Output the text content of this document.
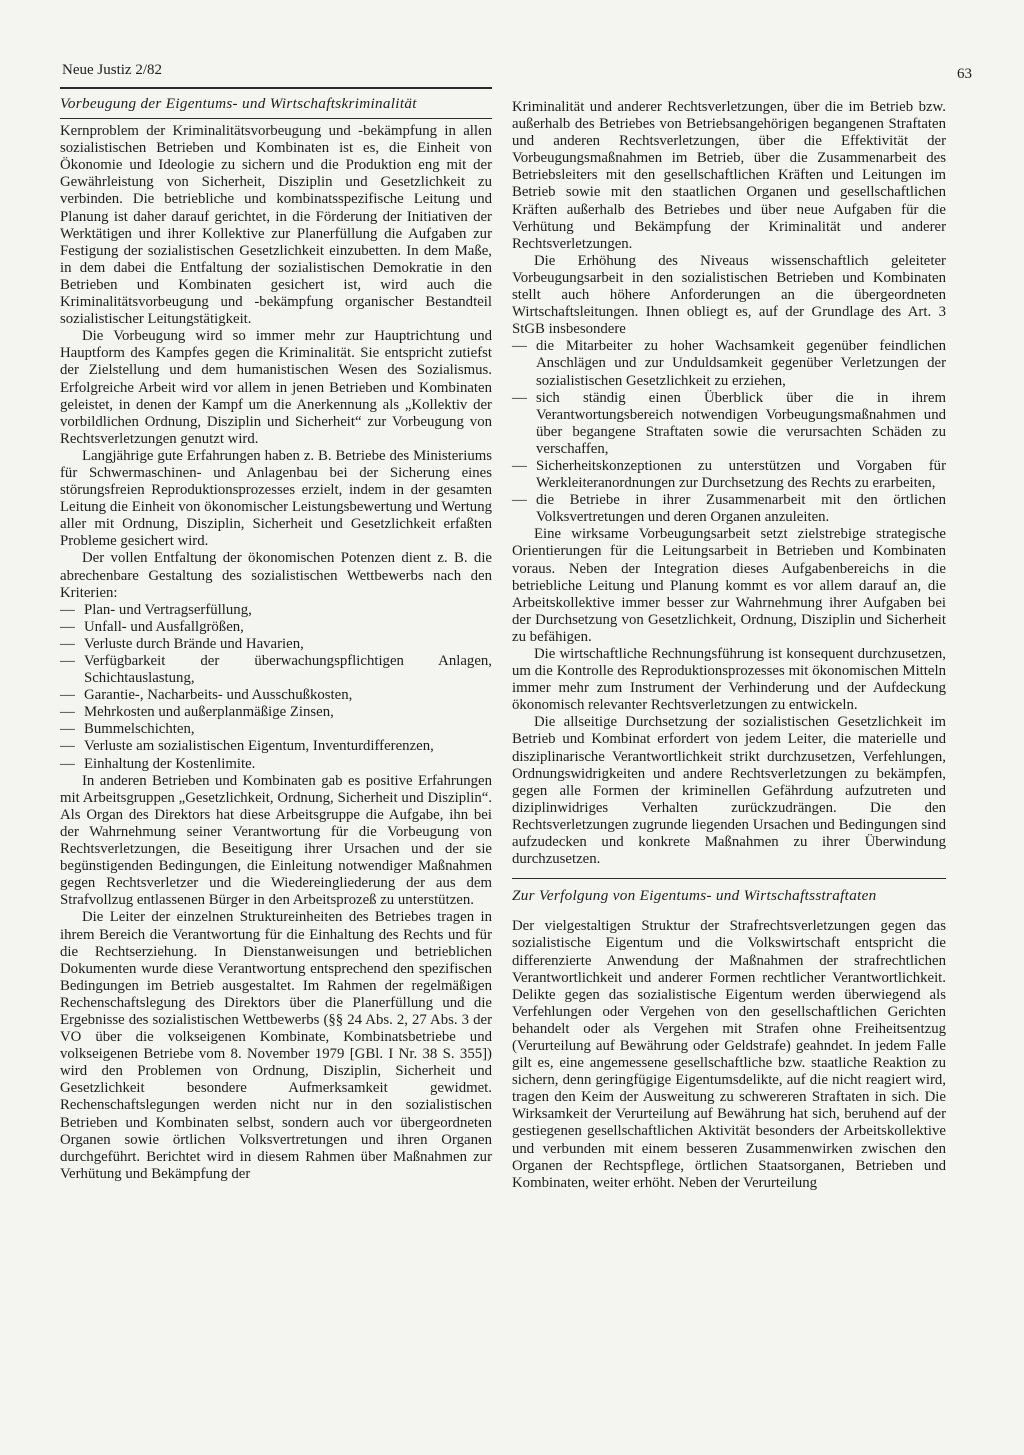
Neue Justiz 2/82	63
Vorbeugung der Eigentums- und Wirtschaftskriminalität

Kernproblem der Kriminalitätsvorbeugung und -bekämpfung in allen sozialistischen Betrieben und Kombinaten ist es, die Einheit von Ökonomie und Ideologie zu sichern und die Produktion eng mit der Gewährleistung von Sicherheit, Disziplin und Gesetzlichkeit zu verbinden. Die betriebliche und kombinatsspezifische Leitung und Planung ist daher darauf gerichtet, in die Förderung der Initiativen der Werktätigen und ihrer Kollektive zur Planerfüllung die Aufgaben zur Festigung der sozialistischen Gesetzlichkeit einzubetten. In dem Maße, in dem dabei die Entfaltung der sozialistischen Demokratie in den Betrieben und Kombinaten gesichert ist, wird auch die Kriminalitätsvorbeugung und -bekämpfung organischer Bestandteil sozialistischer Leitungstätigkeit.

Die Vorbeugung wird so immer mehr zur Hauptrichtung und Hauptform des Kampfes gegen die Kriminalität. Sie entspricht zutiefst der Zielstellung und dem humanistischen Wesen des Sozialismus. Erfolgreiche Arbeit wird vor allem in jenen Betrieben und Kombinaten geleistet, in denen der Kampf um die Anerkennung als „Kollektiv der vorbildlichen Ordnung, Disziplin und Sicherheit“ zur Vorbeugung von Rechtsverletzungen genutzt wird.

Langjährige gute Erfahrungen haben z. B. Betriebe des Ministeriums für Schwermaschinen- und Anlagenbau bei der Sicherung eines störungsfreien Reproduktionsprozesses erzielt, indem in der gesamten Leitung die Einheit von ökonomischer Leistungsbewertung und Wertung aller mit Ordnung, Disziplin, Sicherheit und Gesetzlichkeit erfaßten Probleme gesichert wird.

Der vollen Entfaltung der ökonomischen Potenzen dient z. B. die abrechenbare Gestaltung des sozialistischen Wettbewerbs nach den Kriterien:

— Plan- und Vertragserfüllung,
— Unfall- und Ausfallgrößen,
— Verluste durch Brände und Havarien,
— Verfügbarkeit der überwachungspflichtigen Anlagen, Schichtauslastung,
— Garantie-, Nacharbeits- und Ausschußkosten,
— Mehrkosten und außerplanmäßige Zinsen,
— Bummelschichten,
— Verluste am sozialistischen Eigentum, Inventurdifferenzen,
— Einhaltung der Kostenlimite.

In anderen Betrieben und Kombinaten gab es positive Erfahrungen mit Arbeitsgruppen „Gesetzlichkeit, Ordnung, Sicherheit und Disziplin“. Als Organ des Direktors hat diese Arbeitsgruppe die Aufgabe, ihn bei der Wahrnehmung seiner Verantwortung für die Vorbeugung von Rechtsverletzungen, die Beseitigung ihrer Ursachen und der sie begünstigenden Bedingungen, die Einleitung notwendiger Maßnahmen gegen Rechtsverletzer und die Wiedereingliederung der aus dem Strafvollzug entlassenen Bürger in den Arbeitsprozeß zu unterstützen.

Die Leiter der einzelnen Struktureinheiten des Betriebes tragen in ihrem Bereich die Verantwortung für die Einhaltung des Rechts und für die Rechtserziehung. In Dienstanweisungen und betrieblichen Dokumenten wurde diese Verantwortung entsprechend den spezifischen Bedingungen im Betrieb ausgestaltet. Im Rahmen der regelmäßigen Rechenschaftslegung des Direktors über die Planerfüllung und die Ergebnisse des sozialistischen Wettbewerbs (§§ 24 Abs. 2, 27 Abs. 3 der VO über die volkseigenen Kombinate, Kombinatsbetriebe und volkseigenen Betriebe vom 8. November 1979 [GBl. I Nr. 38 S. 355]) wird den Problemen von Ordnung, Disziplin, Sicherheit und Gesetzlichkeit besondere Aufmerksamkeit gewidmet. Rechenschaftslegungen werden nicht nur in den sozialistischen Betrieben und Kombinaten selbst, sondern auch vor übergeordneten Organen sowie örtlichen Volksvertretungen und ihren Organen durchgeführt. Berichtet wird in diesem Rahmen über Maßnahmen zur Verhütung und Bekämpfung der

Kriminalität und anderer Rechtsverletzungen, über die im Betrieb bzw. außerhalb des Betriebes von Betriebsangehörigen begangenen Straftaten und anderen Rechtsverletzungen, über die Effektivität der Vorbeugungsmaßnahmen im Betrieb, über die Zusammenarbeit des Betriebsleiters mit den gesellschaftlichen Kräften und Leitungen im Betrieb sowie mit den staatlichen Organen und gesellschaftlichen Kräften außerhalb des Betriebes und über neue Aufgaben für die Verhütung und Bekämpfung der Kriminalität und anderer Rechtsverletzungen.

Die Erhöhung des Niveaus wissenschaftlich geleiteter Vorbeugungsarbeit in den sozialistischen Betrieben und Kombinaten stellt auch höhere Anforderungen an die übergeordneten Wirtschaftsleitungen. Ihnen obliegt es, auf der Grundlage des Art. 3 StGB insbesondere

— die Mitarbeiter zu hoher Wachsamkeit gegenüber feindlichen Anschlägen und zur Unduldsamkeit gegenüber Verletzungen der sozialistischen Gesetzlichkeit zu erziehen,
— sich ständig einen Überblick über die in ihrem Verantwortungsbereich notwendigen Vorbeugungsmaßnahmen und über begangene Straftaten sowie die verursachten Schäden zu verschaffen,
— Sicherheitskonzeptionen zu unterstützen und Vorgaben für Werkleiteranordnungen zur Durchsetzung des Rechts zu erarbeiten,
— die Betriebe in ihrer Zusammenarbeit mit den örtlichen Volksvertretungen und deren Organen anzuleiten.

Eine wirksame Vorbeugungsarbeit setzt zielstrebige strategische Orientierungen für die Leitungsarbeit in Betrieben und Kombinaten voraus. Neben der Integration dieses Aufgabenbereichs in die betriebliche Leitung und Planung kommt es vor allem darauf an, die Arbeitskollektive immer besser zur Wahrnehmung ihrer Aufgaben bei der Durchsetzung von Gesetzlichkeit, Ordnung, Disziplin und Sicherheit zu befähigen.

Die wirtschaftliche Rechnungsführung ist konsequent durchzusetzen, um die Kontrolle des Reproduktionsprozesses mit ökonomischen Mitteln immer mehr zum Instrument der Verhinderung und der Aufdeckung ökonomisch relevanter Rechtsverletzungen zu entwickeln.

Die allseitige Durchsetzung der sozialistischen Gesetzlichkeit im Betrieb und Kombinat erfordert von jedem Leiter, die materielle und disziplinarische Verantwortlichkeit strikt durchzusetzen, Verfehlungen, Ordnungswidrigkeiten und andere Rechtsverletzungen zu bekämpfen, gegen alle Formen der kriminellen Gefährdung aufzutreten und diziplinwidriges Verhalten zurückzudrängen. Die den Rechtsverletzungen zugrunde liegenden Ursachen und Bedingungen sind aufzudecken und konkrete Maßnahmen zu ihrer Überwindung durchzusetzen.

Zur Verfolgung von Eigentums- und Wirtschaftsstraftaten

Der vielgestaltigen Struktur der Strafrechtsverletzungen gegen das sozialistische Eigentum und die Volkswirtschaft entspricht die differenzierte Anwendung der Maßnahmen der strafrechtlichen Verantwortlichkeit und anderer Formen rechtlicher Verantwortlichkeit. Delikte gegen das sozialistische Eigentum werden überwiegend als Verfehlungen oder Vergehen von den gesellschaftlichen Gerichten behandelt oder als Vergehen mit Strafen ohne Freiheitsentzug (Verurteilung auf Bewährung oder Geldstrafe) geahndet. In jedem Falle gilt es, eine angemessene gesellschaftliche bzw. staatliche Reaktion zu sichern, denn geringfügige Eigentumsdelikte, auf die nicht reagiert wird, tragen den Keim der Ausweitung zu schwereren Straftaten in sich. Die Wirksamkeit der Verurteilung auf Bewährung hat sich, beruhend auf der gestiegenen gesellschaftlichen Aktivität besonders der Arbeitskollektive und verbunden mit einem besseren Zusammenwirken zwischen den Organen der Rechtspflege, örtlichen Staatsorganen, Betrieben und Kombinaten, weiter erhöht. Neben der Verurteilung
